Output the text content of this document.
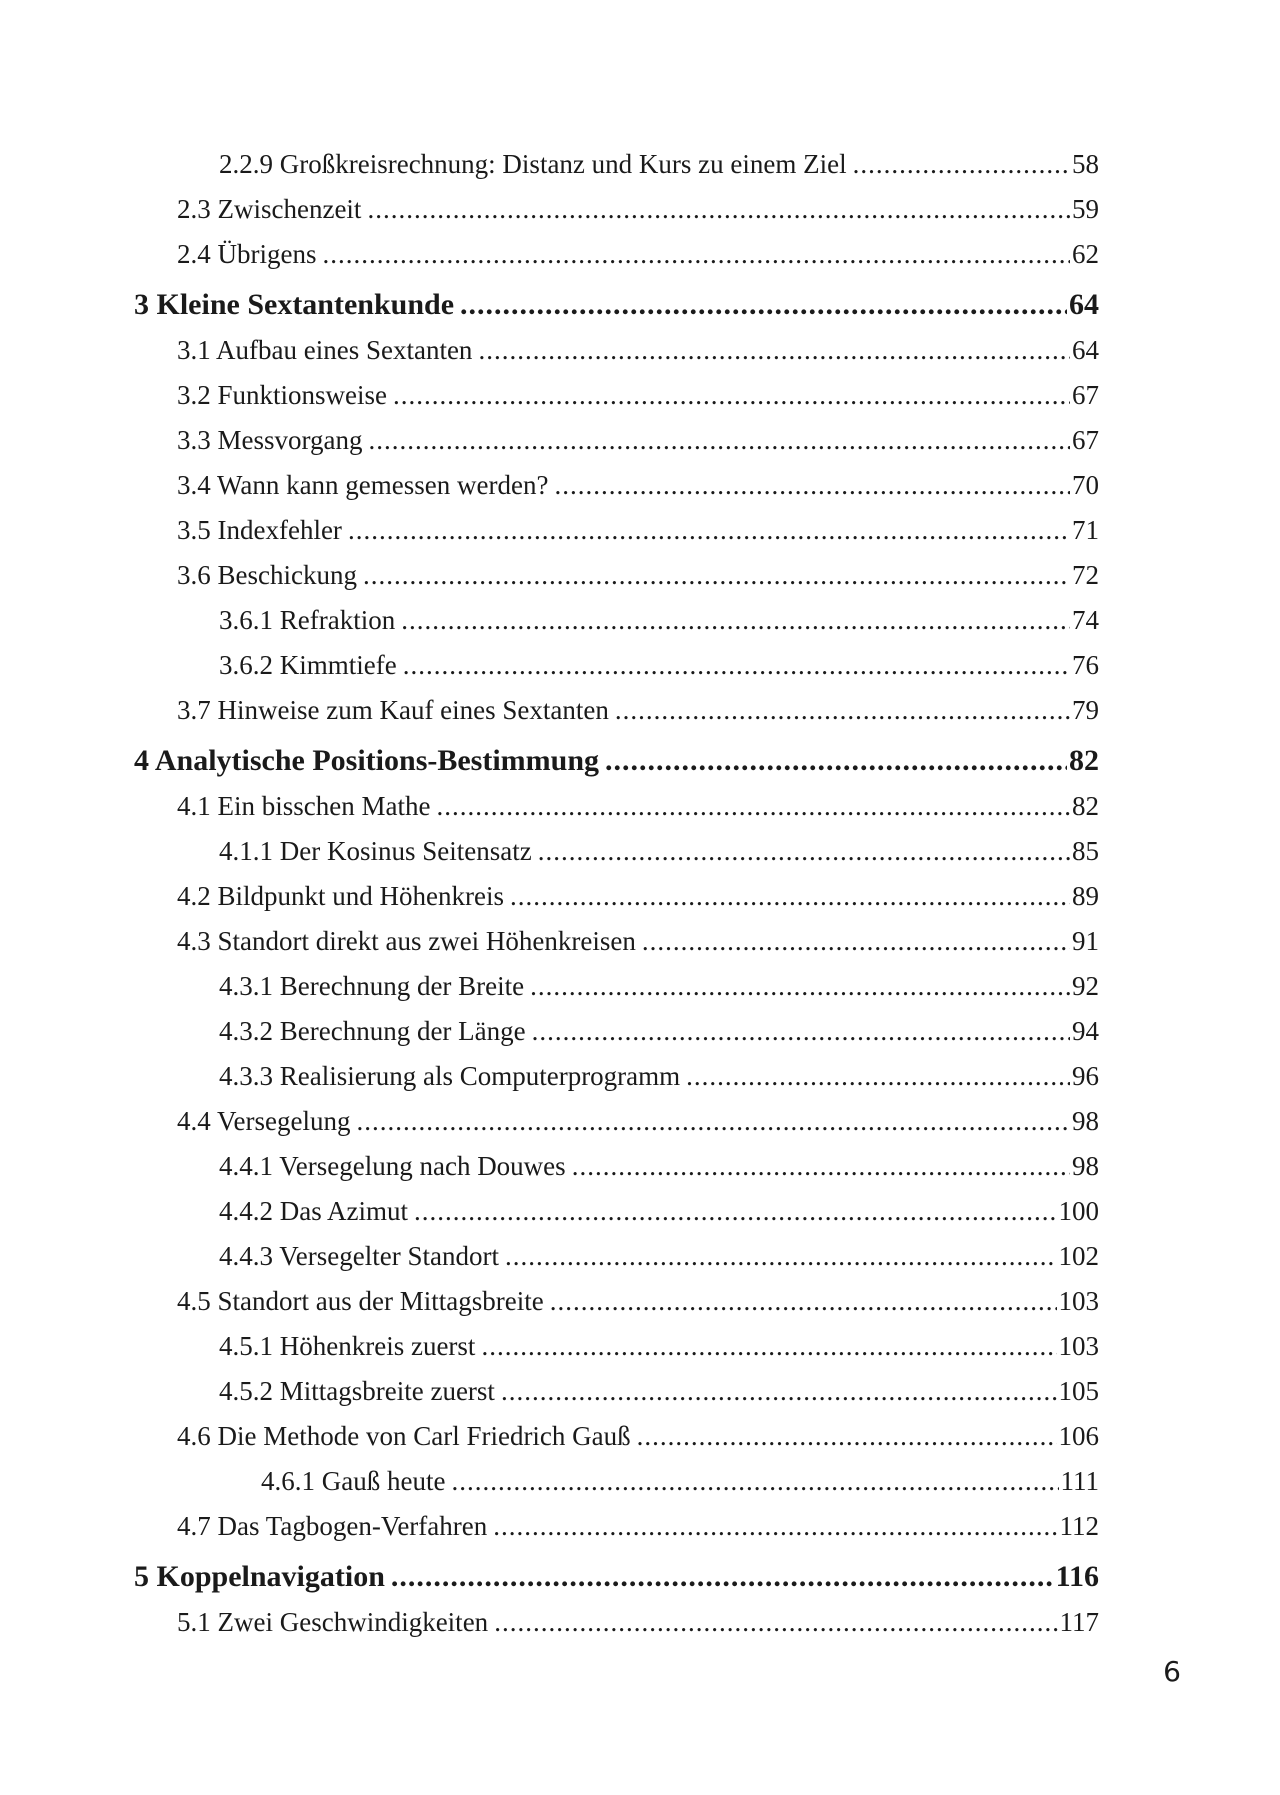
2.2.9 Großkreisrechnung: Distanz und Kurs zu einem Ziel .....	58
2.3 Zwischenzeit .....	59
2.4 Übrigens .....	62
3 Kleine Sextantenkunde .....	64
3.1 Aufbau eines Sextanten .....	64
3.2 Funktionsweise .....	67
3.3 Messvorgang .....	67
3.4 Wann kann gemessen werden? .....	70
3.5 Indexfehler .....	71
3.6 Beschickung .....	72
3.6.1 Refraktion .....	74
3.6.2 Kimmtiefe .....	76
3.7 Hinweise zum Kauf eines Sextanten .....	79
4 Analytische Positions-Bestimmung .....	82
4.1 Ein bisschen Mathe .....	82
4.1.1 Der Kosinus Seitensatz .....	85
4.2 Bildpunkt und Höhenkreis .....	89
4.3 Standort direkt aus zwei Höhenkreisen .....	91
4.3.1 Berechnung der Breite .....	92
4.3.2 Berechnung der Länge .....	94
4.3.3 Realisierung als Computerprogramm .....	96
4.4 Versegelung .....	98
4.4.1 Versegelung nach Douwes .....	98
4.4.2 Das Azimut .....	100
4.4.3 Versegelter Standort .....	102
4.5 Standort aus der Mittagsbreite .....	103
4.5.1 Höhenkreis zuerst .....	103
4.5.2 Mittagsbreite zuerst .....	105
4.6 Die Methode von Carl Friedrich Gauß .....	106
4.6.1 Gauß heute .....	111
4.7 Das Tagbogen-Verfahren .....	112
5 Koppelnavigation .....	116
5.1 Zwei Geschwindigkeiten .....	117
6
